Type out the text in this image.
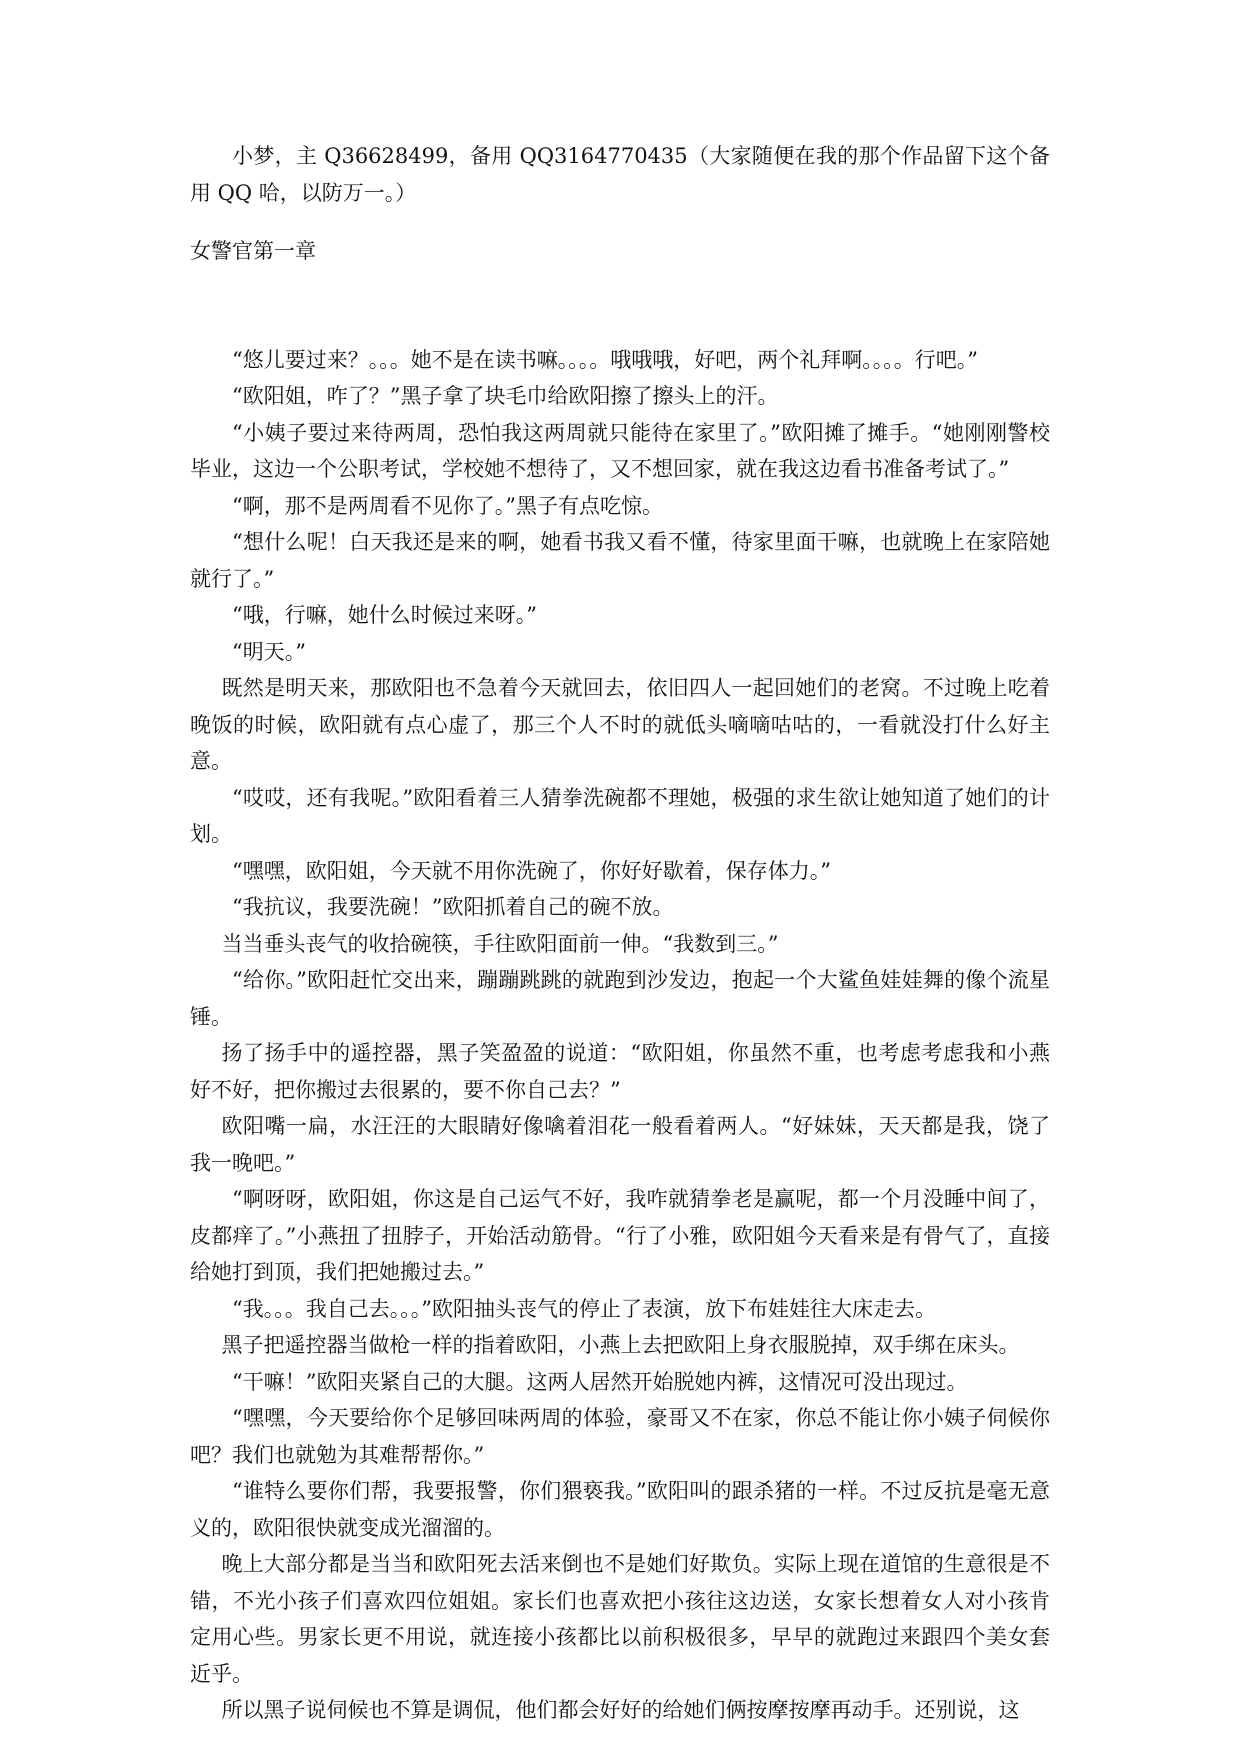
小梦，主 Q36628499，备用 QQ3164770435（大家随便在我的那个作品留下这个备用 QQ 哈，以防万一。）

女警官第一章

“悠儿要过来？。。。她不是在读书嘛。。。。哦哦哦，好吧，两个礼拜啊。。。。行吧。”

“欧阳姐，咋了？”黑子拿了块毛巾给欧阳擦了擦头上的汗。

“小姨子要过来待两周，恐怕我这两周就只能待在家里了。”欧阳摊了摊手。“她刚刚警校毕业，这边一个公职考试，学校她不想待了，又不想回家，就在我这边看书准备考试了。”

“啊，那不是两周看不见你了。”黑子有点吃惊。

“想什么呢！白天我还是来的啊，她看书我又看不懂，待家里面干嘛，也就晚上在家陪她就行了。”

“哦，行嘛，她什么时候过来呀。”

“明天。”

既然是明天来，那欧阳也不急着今天就回去，依旧四人一起回她们的老窝。不过晚上吃着晚饭的时候，欧阳就有点心虚了，那三个人不时的就低头嘀嘀咕咕的，一看就没打什么好主意。

“哎哎，还有我呢。”欧阳看着三人猜拳洗碗都不理她，极强的求生欲让她知道了她们的计划。

“嘿嘿，欧阳姐，今天就不用你洗碗了，你好好歇着，保存体力。”

“我抗议，我要洗碗！”欧阳抓着自己的碗不放。

当当垂头丧气的收拾碗筷，手往欧阳面前一伸。“我数到三。”

“给你。”欧阳赶忙交出来，蹦蹦跳跳的就跑到沙发边，抱起一个大鲨鱼娃娃舞的像个流星锤。

扬了扬手中的遥控器，黑子笑盈盈的说道：“欧阳姐，你虽然不重，也考虑考虑我和小燕好不好，把你搬过去很累的，要不你自己去？”

欧阳嘴一扁，水汪汪的大眼睛好像噙着泪花一般看着两人。“好妹妹，天天都是我，饶了我一晚吧。”

“啊呀呀，欧阳姐，你这是自己运气不好，我咋就猜拳老是赢呢，都一个月没睡中间了，皮都痒了。”小燕扭了扭脖子，开始活动筋骨。“行了小雅，欧阳姐今天看来是有骨气了，直接给她打到顶，我们把她搬过去。”

“我。。。我自己去。。。”欧阳抽头丧气的停止了表演，放下布娃娃往大床走去。

黑子把遥控器当做枪一样的指着欧阳，小燕上去把欧阳上身衣服脱掉，双手绑在床头。

“干嘛！”欧阳夹紧自己的大腿。这两人居然开始脱她内裤，这情况可没出现过。

“嘿嘿，今天要给你个足够回味两周的体验，豪哥又不在家，你总不能让你小姨子伺候你吧？我们也就勉为其难帮帮你。”

“谁特么要你们帮，我要报警，你们猥亵我。”欧阳叫的跟杀猪的一样。不过反抗是毫无意义的，欧阳很快就变成光溜溜的。

晚上大部分都是当当和欧阳死去活来倒也不是她们好欺负。实际上现在道馆的生意很是不错，不光小孩子们喜欢四位姐姐。家长们也喜欢把小孩往这边送，女家长想着女人对小孩肯定用心些。男家长更不用说，就连接小孩都比以前积极很多，早早的就跑过来跟四个美女套近乎。

所以黑子说伺候也不算是调侃，他们都会好好的给她们俩按摩按摩再动手。还别说，这
